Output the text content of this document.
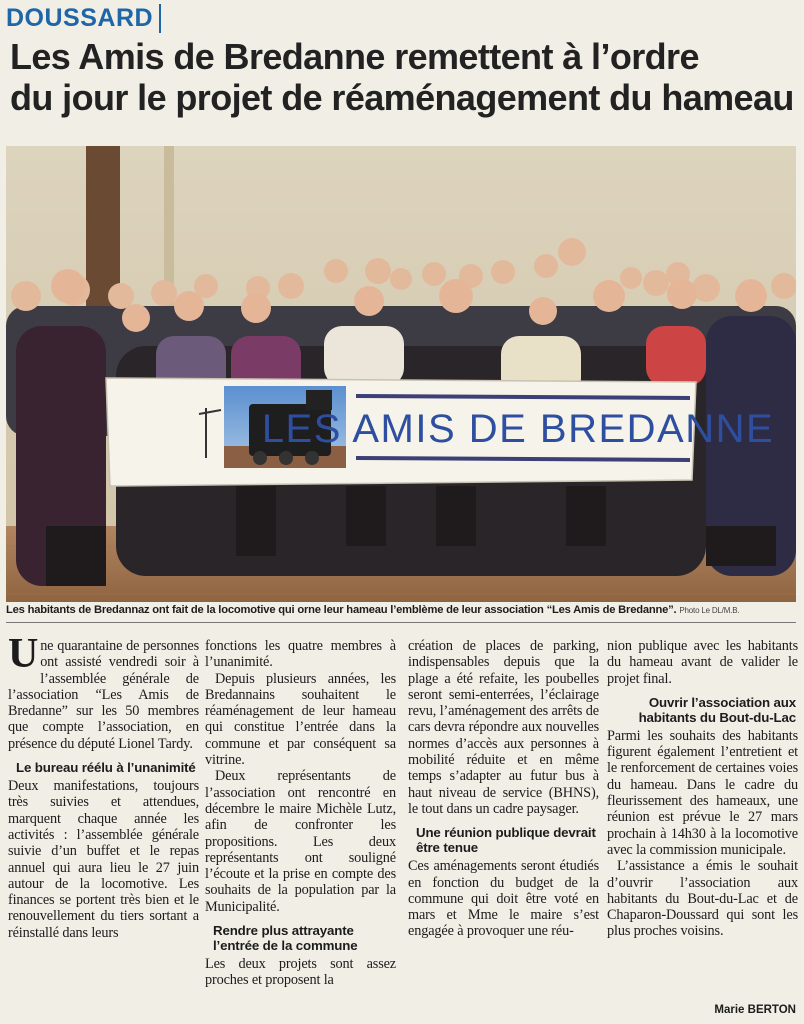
DOUSSARD
Les Amis de Bredanne remettent à l’ordre
du jour le projet de réaménagement du hameau
LES AMIS DE BREDANNE
Les habitants de Bredannaz ont fait de la locomotive qui orne leur hameau l’emblème de leur association “Les Amis de Bredanne”. Photo Le DL/M.B.

Une quarantaine de personnes ont assisté vendredi soir à l’assemblée générale de l’association “Les Amis de Bredanne” sur les 50 membres que compte l’association, en présence du député Lionel Tardy.

Le bureau réélu à l’unanimité

Deux manifestations, toujours très suivies et attendues, marquent chaque année les activités : l’assemblée générale suivie d’un buffet et le repas annuel qui aura lieu le 27 juin autour de la locomotive. Les finances se portent très bien et le renouvellement du tiers sortant a réinstallé dans leurs

fonctions les quatre membres à l’unanimité.

Depuis plusieurs années, les Bredannains souhaitent le réaménagement de leur hameau qui constitue l’entrée dans la commune et par conséquent sa vitrine.

Deux représentants de l’association ont rencontré en décembre le maire Michèle Lutz, afin de confronter les propositions. Les deux représentants ont souligné l’écoute et la prise en compte des souhaits de la population par la Municipalité.

Rendre plus attrayante l’entrée de la commune

Les deux projets sont assez proches et proposent la

création de places de parking, indispensables depuis que la plage a été refaite, les poubelles seront semi-enterrées, l’éclairage revu, l’aménagement des arrêts de cars devra répondre aux nouvelles normes d’accès aux personnes à mobilité réduite et en même temps s’adapter au futur bus à haut niveau de service (BHNS), le tout dans un cadre paysager.

Une réunion publique devrait être tenue

Ces aménagements seront étudiés en fonction du budget de la commune qui doit être voté en mars et Mme le maire s’est engagée à provoquer une réu-

nion publique avec les habitants du hameau avant de valider le projet final.

Ouvrir l’association aux habitants du Bout-du-Lac

Parmi les souhaits des habitants figurent également l’entretient et le renforcement de certaines voies du hameau. Dans le cadre du fleurissement des hameaux, une réunion est prévue le 27 mars prochain à 14h30 à la locomotive avec la commission municipale.

L’assistance a émis le souhait d’ouvrir l’association aux habitants du Bout-du-Lac et de Chaparon-Doussard qui sont les plus proches voisins.

Marie BERTON
